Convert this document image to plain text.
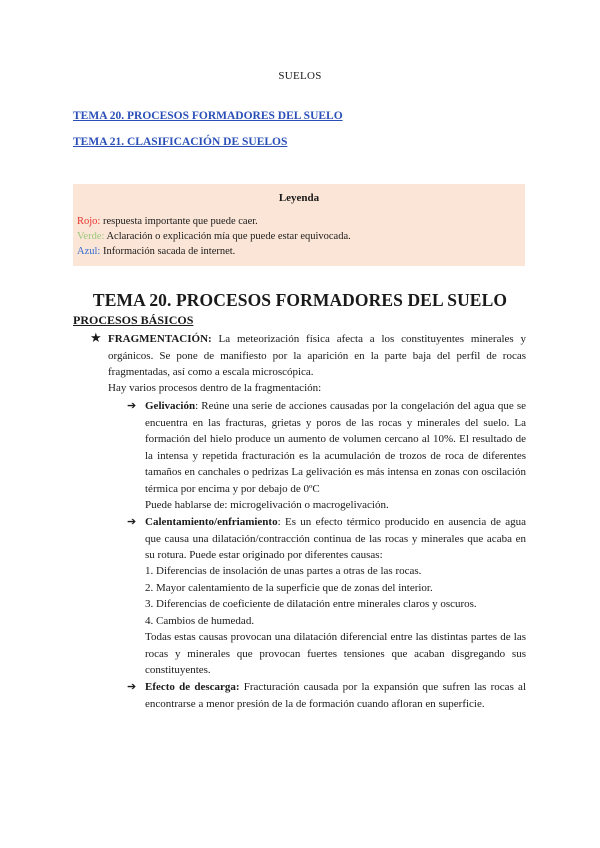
SUELOS
TEMA 20. PROCESOS FORMADORES DEL SUELO
TEMA 21. CLASIFICACIÓN DE SUELOS
Leyenda
Rojo: respuesta importante que puede caer.
Verde: Aclaración o explicación mía que puede estar equivocada.
Azul: Información sacada de internet.
TEMA 20. PROCESOS FORMADORES DEL SUELO
PROCESOS BÁSICOS
★ FRAGMENTACIÓN: La meteorización física afecta a los constituyentes minerales y orgánicos. Se pone de manifiesto por la aparición en la parte baja del perfil de rocas fragmentadas, así como a escala microscópica.
Hay varios procesos dentro de la fragmentación:
➔ Gelivación: Reúne una serie de acciones causadas por la congelación del agua que se encuentra en las fracturas, grietas y poros de las rocas y minerales del suelo. La formación del hielo produce un aumento de volumen cercano al 10%. El resultado de la intensa y repetida fracturación es la acumulación de trozos de roca de diferentes tamaños en canchales o pedrizas La gelivación es más intensa en zonas con oscilación térmica por encima y por debajo de 0ºC
Puede hablarse de: microgelivación o macrogelivación.
➔ Calentamiento/enfriamiento: Es un efecto térmico producido en ausencia de agua que causa una dilatación/contracción continua de las rocas y minerales que acaba en su rotura. Puede estar originado por diferentes causas:
1. Diferencias de insolación de unas partes a otras de las rocas.
2. Mayor calentamiento de la superficie que de zonas del interior.
3. Diferencias de coeficiente de dilatación entre minerales claros y oscuros.
4. Cambios de humedad.
Todas estas causas provocan una dilatación diferencial entre las distintas partes de las rocas y minerales que provocan fuertes tensiones que acaban disgregando sus constituyentes.
➔ Efecto de descarga: Fracturación causada por la expansión que sufren las rocas al encontrarse a menor presión de la de formación cuando afloran en superficie.
